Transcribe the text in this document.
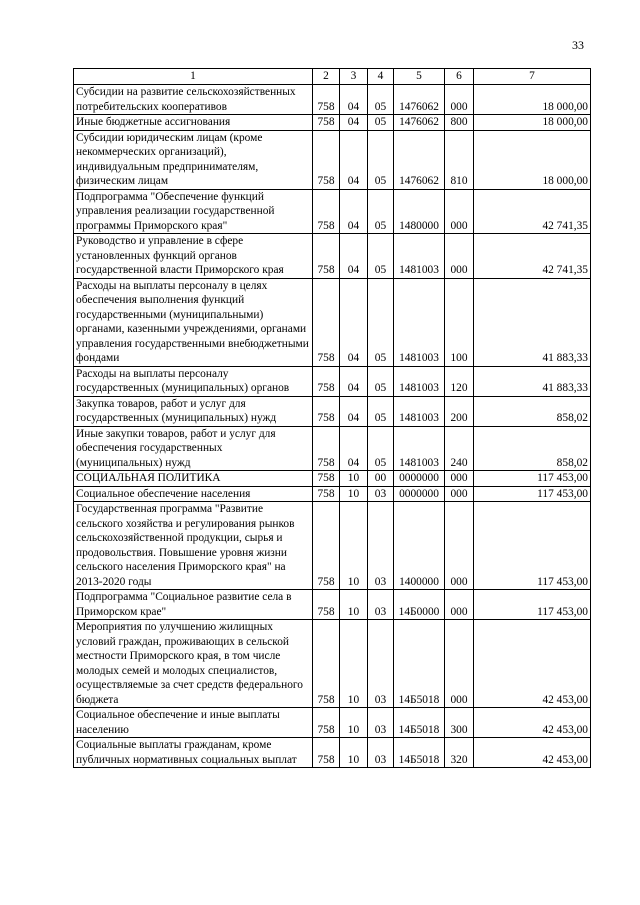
33
1	2	3	4	5	6	7
Субсидии на развитие сельскохозяйственных потребительских кооперативов	758	04	05	1476062	000	18 000,00
Иные бюджетные ассигнования	758	04	05	1476062	800	18 000,00
Субсидии юридическим лицам (кроме некоммерческих организаций), индивидуальным предпринимателям, физическим лицам	758	04	05	1476062	810	18 000,00
Подпрограмма "Обеспечение функций управления реализации государственной программы Приморского края"	758	04	05	1480000	000	42 741,35
Руководство и управление в сфере установленных функций органов государственной власти Приморского края	758	04	05	1481003	000	42 741,35
Расходы на выплаты персоналу в целях обеспечения выполнения функций государственными (муниципальными) органами, казенными учреждениями, органами управления государственными внебюджетными фондами	758	04	05	1481003	100	41 883,33
Расходы на выплаты персоналу государственных (муниципальных) органов	758	04	05	1481003	120	41 883,33
Закупка товаров, работ и услуг для государственных (муниципальных) нужд	758	04	05	1481003	200	858,02
Иные закупки товаров, работ и услуг для обеспечения государственных (муниципальных) нужд	758	04	05	1481003	240	858,02
СОЦИАЛЬНАЯ ПОЛИТИКА	758	10	00	0000000	000	117 453,00
Социальное обеспечение населения	758	10	03	0000000	000	117 453,00
Государственная программа "Развитие сельского хозяйства и регулирования рынков сельскохозяйственной продукции, сырья и продовольствия. Повышение уровня жизни сельского населения Приморского края" на 2013-2020 годы	758	10	03	1400000	000	117 453,00
Подпрограмма "Социальное развитие села в Приморском крае"	758	10	03	14Б0000	000	117 453,00
Мероприятия по улучшению жилищных условий граждан, проживающих в сельской местности Приморского края, в том числе молодых семей и молодых специалистов, осуществляемые за счет средств федерального бюджета	758	10	03	14Б5018	000	42 453,00
Социальное обеспечение и иные выплаты населению	758	10	03	14Б5018	300	42 453,00
Социальные выплаты гражданам, кроме публичных нормативных социальных выплат	758	10	03	14Б5018	320	42 453,00
